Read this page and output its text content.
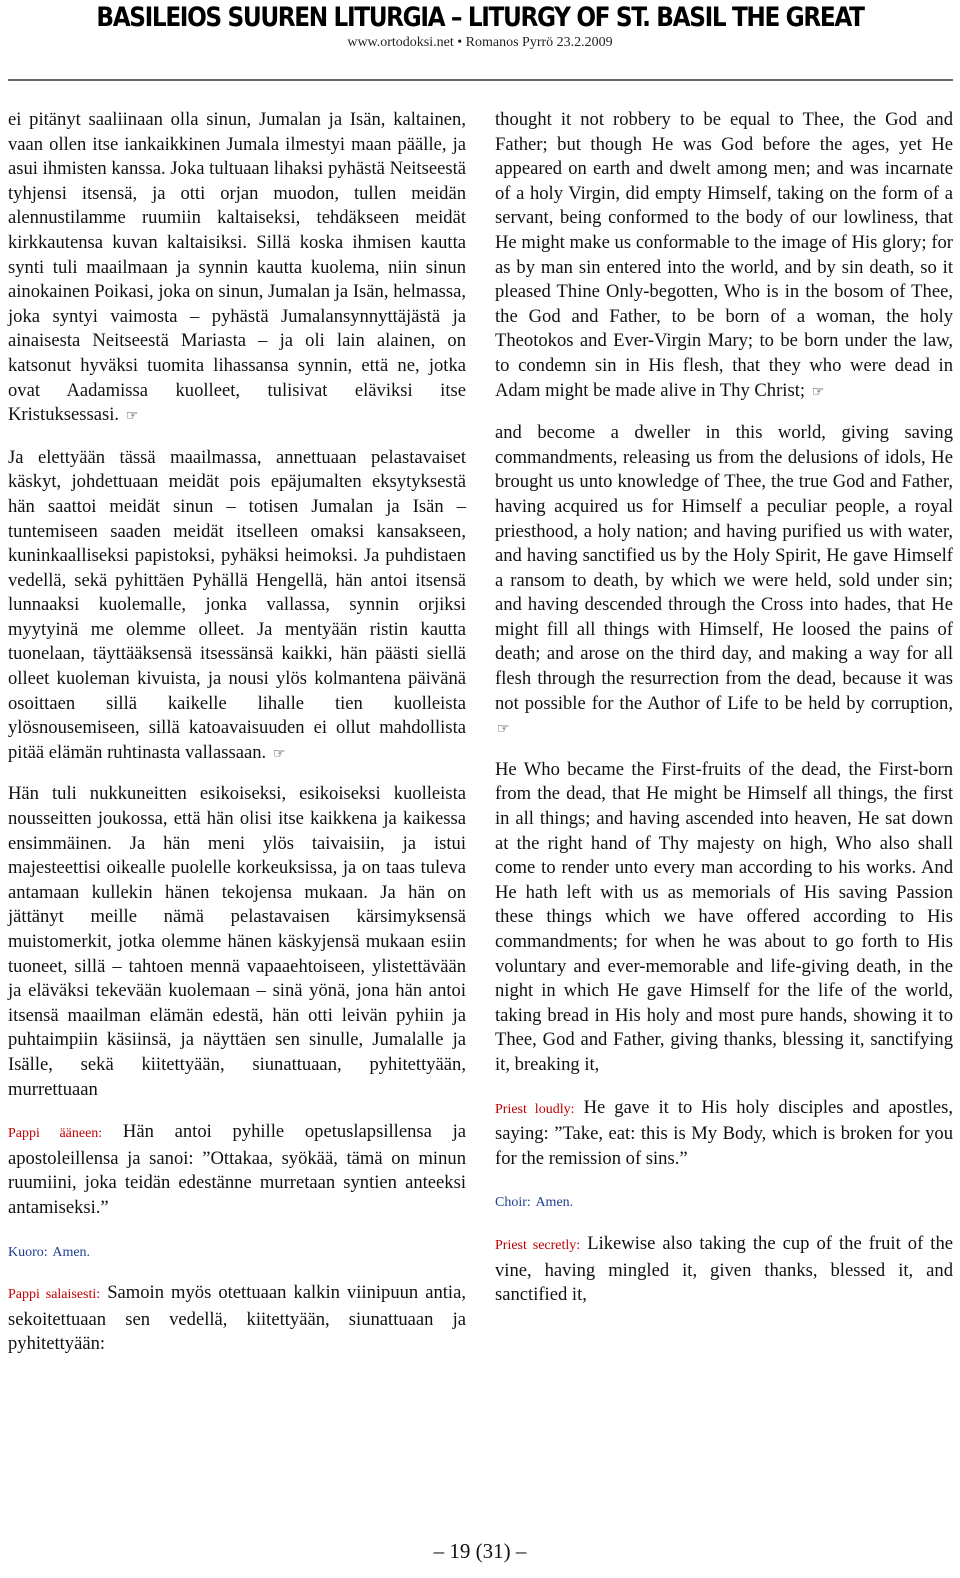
BASILEIOS SUUREN LITURGIA – LITURGY OF ST. BASIL THE GREAT
www.ortodoksi.net • Romanos Pyrrö 23.2.2009

ei pitänyt saaliinaan olla sinun, Jumalan ja Isän, kaltainen, vaan ollen itse iankaikkinen Jumala ilmestyi maan päälle, ja asui ihmisten kanssa. Joka tultuaan lihaksi pyhästä Neitseestä tyhjensi itsensä, ja otti orjan muodon, tullen meidän alennustilamme ruumiin kaltaiseksi, tehdäkseen meidät kirkkautensa kuvan kaltaisiksi. Sillä koska ihmisen kautta synti tuli maailmaan ja synnin kautta kuolema, niin sinun ainokainen Poikasi, joka on sinun, Jumalan ja Isän, helmassa, joka syntyi vaimosta – pyhästä Jumalansynnyttäjästä ja ainaisesta Neitseestä Mariasta – ja oli lain alainen, on katsonut hyväksi tuomita lihassansa synnin, että ne, jotka ovat Aadamissa kuolleet, tulisivat eläviksi itse Kristuksessasi. ☞

Ja elettyään tässä maailmassa, annettuaan pelastavaiset käskyt, johdettuaan meidät pois epäjumalten eksytyksestä hän saattoi meidät sinun – totisen Jumalan ja Isän – tuntemiseen saaden meidät itselleen omaksi kansakseen, kuninkaalliseksi papistoksi, pyhäksi heimoksi. Ja puhdistaen vedellä, sekä pyhittäen Pyhällä Hengellä, hän antoi itsensä lunnaaksi kuolemalle, jonka vallassa, synnin orjiksi myytyinä me olemme olleet. Ja mentyään ristin kautta tuonelaan, täyttääksensä itsessänsä kaikki, hän päästi siellä olleet kuoleman kivuista, ja nousi ylös kolmantena päivänä osoittaen sillä kaikelle lihalle tien kuolleista ylösnousemiseen, sillä katoavaisuuden ei ollut mahdollista pitää elämän ruhtinasta vallassaan. ☞

Hän tuli nukkuneitten esikoiseksi, esikoiseksi kuolleista nousseitten joukossa, että hän olisi itse kaikkena ja kaikessa ensimmäinen. Ja hän meni ylös taivaisiin, ja istui majesteettisi oikealle puolelle korkeuksissa, ja on taas tuleva antamaan kullekin hänen tekojensa mukaan. Ja hän on jättänyt meille nämä pelastavaisen kärsimyksensä muistomerkit, jotka olemme hänen käskyjensä mukaan esiin tuoneet, sillä – tahtoen mennä vapaaehtoiseen, ylistettävään ja eläväksi tekevään kuolemaan – sinä yönä, jona hän antoi itsensä maailman elämän edestä, hän otti leivän pyhiin ja puhtaimpiin käsiinsä, ja näyttäen sen sinulle, Jumalalle ja Isälle, sekä kiitettyään, siunattuaan, pyhitettyään, murrettuaan

Pappi ääneen: Hän antoi pyhille opetuslapsillensa ja apostoleillensa ja sanoi: ”Ottakaa, syökää, tämä on minun ruumiini, joka teidän edestänne murretaan syntien anteeksi antamiseksi.”

Kuoro: Amen.

Pappi salaisesti: Samoin myös otettuaan kalkin viinipuun antia, sekoitettuaan sen vedellä, kiitettyään, siunattuaan ja pyhitettyään:

thought it not robbery to be equal to Thee, the God and Father; but though He was God before the ages, yet He appeared on earth and dwelt among men; and was incarnate of a holy Virgin, did empty Himself, taking on the form of a servant, being conformed to the body of our lowliness, that He might make us conformable to the image of His glory; for as by man sin entered into the world, and by sin death, so it pleased Thine Only-begotten, Who is in the bosom of Thee, the God and Father, to be born of a woman, the holy Theotokos and Ever-Virgin Mary; to be born under the law, to condemn sin in His flesh, that they who were dead in Adam might be made alive in Thy Christ; ☞

and become a dweller in this world, giving saving commandments, releasing us from the delusions of idols, He brought us unto knowledge of Thee, the true God and Father, having acquired us for Himself a peculiar people, a royal priesthood, a holy nation; and having purified us with water, and having sanctified us by the Holy Spirit, He gave Himself a ransom to death, by which we were held, sold under sin; and having descended through the Cross into hades, that He might fill all things with Himself, He loosed the pains of death; and arose on the third day, and making a way for all flesh through the resurrection from the dead, because it was not possible for the Author of Life to be held by corruption, ☞

He Who became the First-fruits of the dead, the First-born from the dead, that He might be Himself all things, the first in all things; and having ascended into heaven, He sat down at the right hand of Thy majesty on high, Who also shall come to render unto every man according to his works. And He hath left with us as memorials of His saving Passion these things which we have offered according to His commandments; for when he was about to go forth to His voluntary and ever-memorable and life-giving death, in the night in which He gave Himself for the life of the world, taking bread in His holy and most pure hands, showing it to Thee, God and Father, giving thanks, blessing it, sanctifying it, breaking it,

Priest loudly: He gave it to His holy disciples and apostles, saying: ”Take, eat: this is My Body, which is broken for you for the remission of sins.”

Choir: Amen.

Priest secretly: Likewise also taking the cup of the fruit of the vine, having mingled it, given thanks, blessed it, and sanctified it,

– 19 (31) –
